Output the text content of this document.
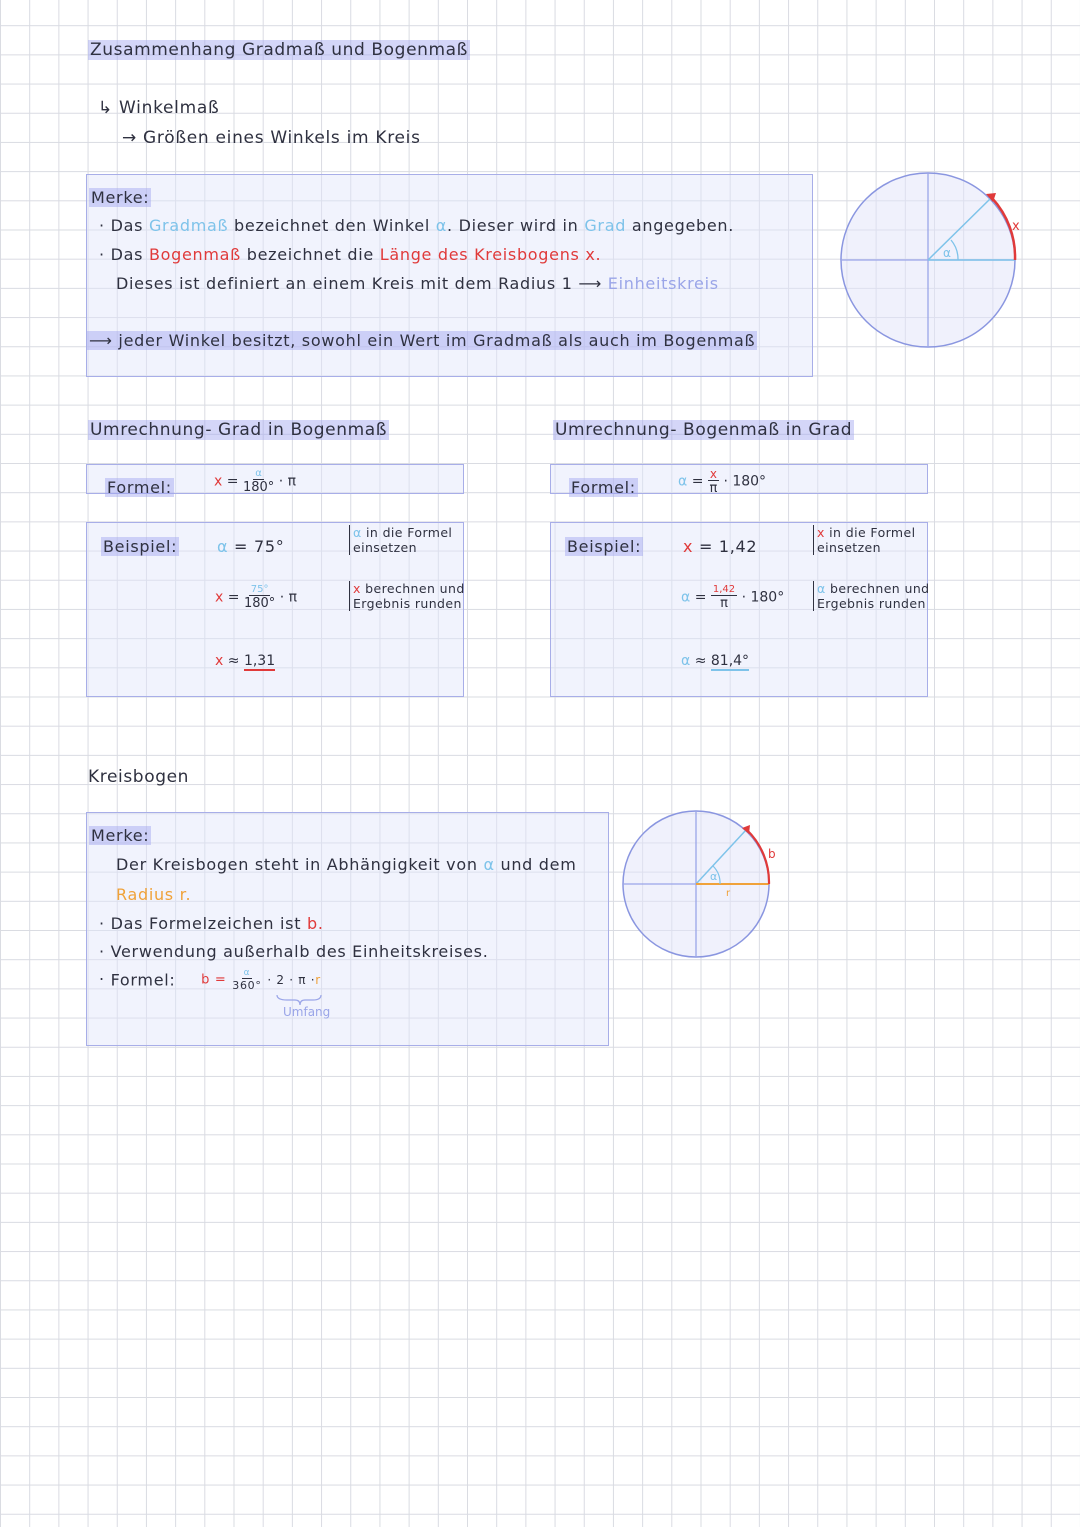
Zusammenhang Gradmaß und Bogenmaß
↳ Winkelmaß
→ Größen eines Winkels im Kreis
Merke:
· Das Gradmaß bezeichnet den Winkel α. Dieser wird in Grad angegeben.
· Das Bogenmaß bezeichnet die Länge des Kreisbogens x.
Dieses ist definiert an einem Kreis mit dem Radius 1 ⟶ Einheitskreis
⟶ jeder Winkel besitzt, sowohl ein Wert im Gradmaß als auch im Bogenmaß
α
x
Umrechnung- Grad in Bogenmaß
Formel:	$x = \frac{\alpha}{180^\circ} \cdot \pi$
Beispiel: α = 75°
$x = \frac{75^\circ}{180^\circ} \cdot \pi$
x ≈ 1,31
α in die Formel
einsetzen
x berechnen und
Ergebnis runden
Umrechnung- Bogenmaß in Grad
Formel:	$\alpha = \frac{x}{\pi} \cdot 180^\circ$
Beispiel:	x = 1,42
$\alpha = \frac{1,42}{\pi} \cdot 180^\circ$
α ≈ 81,4°
x in die Formel
einsetzen
α berechnen und
Ergebnis runden
Kreisbogen
Merke:
Der Kreisbogen steht in Abhängigkeit von α und dem
Radius r.
· Das Formelzeichen ist b.
· Verwendung außerhalb des Einheitskreises.
· Formel: $b = \frac{\alpha}{360^\circ} \cdot 2 \cdot \pi \cdot r$
Umfang
α
b
r
